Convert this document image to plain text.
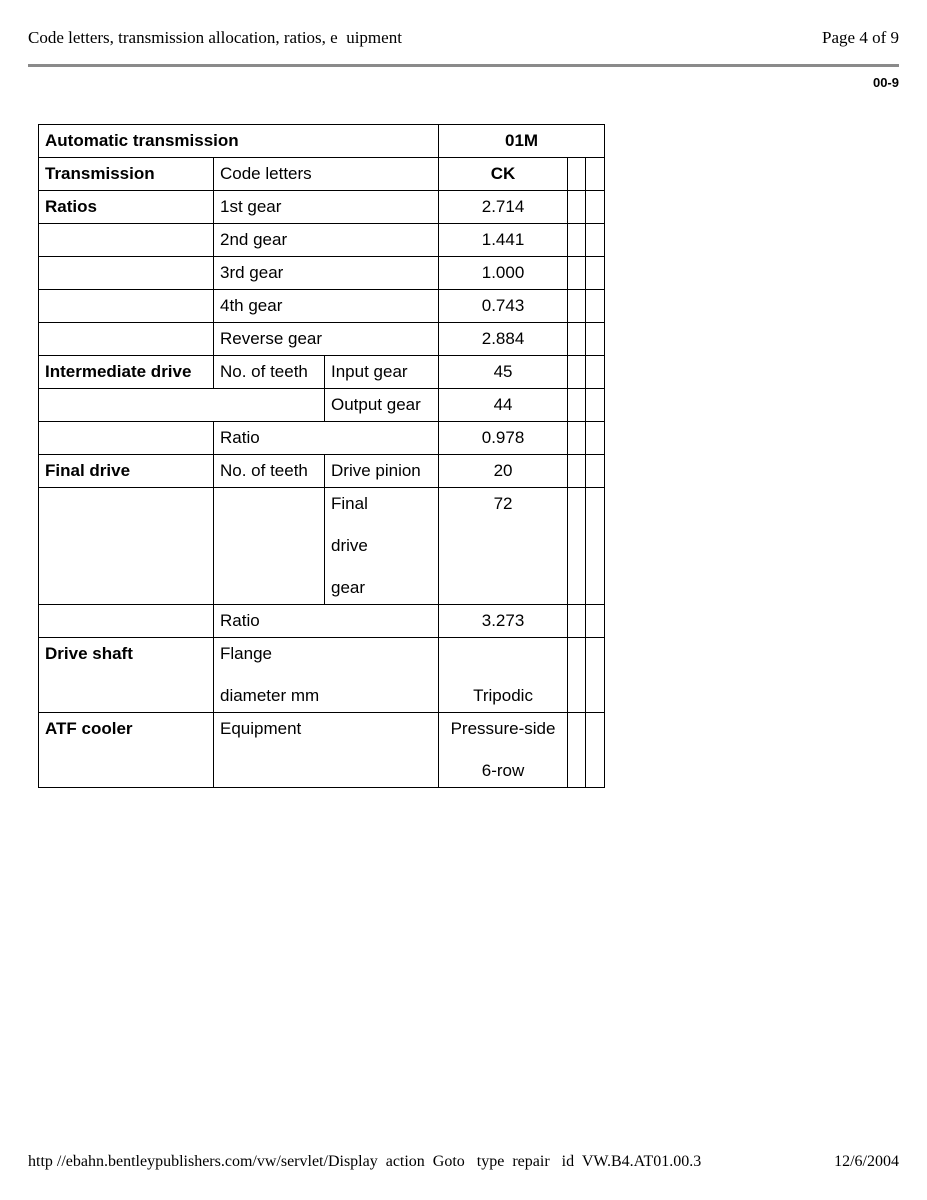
Code letters, transmission allocation, ratios, e  uipment	Page 4 of 9
00-9
Automatic transmission			01M		
Transmission	Code letters		CK		
Ratios	1st gear		2.714		
	2nd gear		1.441		
	3rd gear		1.000		
	4th gear		0.743		
	Reverse gear		2.884		
Intermediate drive	No. of teeth	Input gear	45		
		Output gear	44		
	Ratio		0.978		
Final drive	No. of teeth	Drive pinion	20		

		Final
drive
gear	72		
	Ratio		3.273		
Drive shaft	Flange
diameter mm		Tripodic		
ATF cooler	Equipment		Pressure-side
6-row		

http //ebahn.bentleypublishers.com/vw/servlet/Display  action  Goto   type  repair   id  VW.B4.AT01.00.3	12/6/2004
